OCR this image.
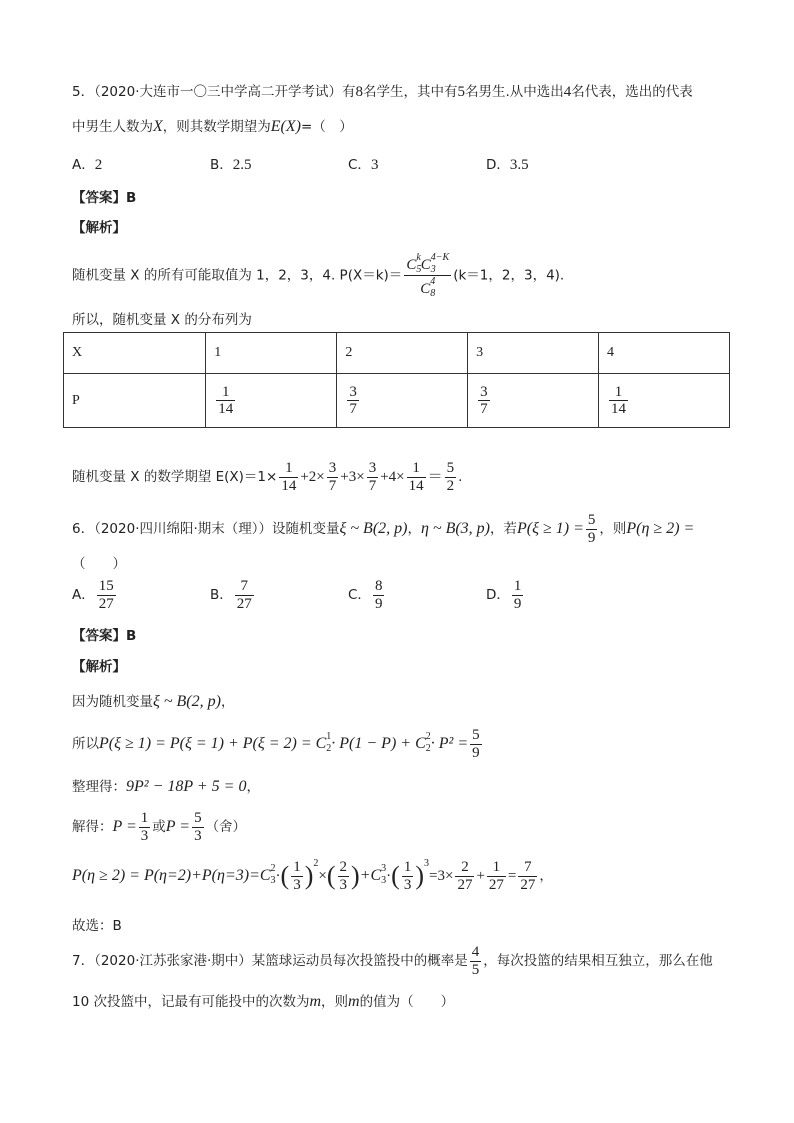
5．（2020·大连市一〇三中学高二开学考试）有8名学生，其中有5名男生.从中选出4名代表，选出的代表
中男生人数为X，则其数学期望为E(X)=（　）
A．2	B．2.5	C．3	D．3.5
【答案】B
【解析】
随机变量 X 的所有可能取值为 1，2，3，4. $P(X=k)= \frac{C_5^kC_3^{4-K}}{C_8^4} (k=1$，2，3，4).
所以，随机变量 X 的分布列为
X	1	2	3	4
P	$\frac{1}{14}$	$\frac{3}{7}$	$\frac{3}{7}$	$\frac{1}{14}$
随机变量 X 的数学期望 $E(X)=1\times \frac{1}{14} +2\times \frac{3}{7} +3\times \frac{3}{7} +4\times \frac{1}{14} = \frac{5}{2}$ .
6．（2020·四川绵阳·期末（理））设随机变量ξ ~ B(2, p)，η ~ B(3, p)，若$P(\xi \ge 1) = \frac{5}{9}$ ，则P(η ≥ 2) =
（　　）
A． $\frac{15}{27}$	B． $\frac{7}{27}$	C． $\frac{8}{9}$	D． $\frac{1}{9}$
【答案】B
【解析】
因为随机变量ξ ~ B(2, p)，
所以$P(\xi \ge 1) = P(\xi = 1) + P(\xi = 2) = C_2^1\cdot P(1 - P) + C_2^2\cdot P^2 = \frac{5}{9}$
整理得：9P² − 18P + 5 = 0，
解得：$P = \frac{1}{3}$ 或$P = \frac{5}{3}$ （舍）
$P(\eta \ge 2) = P(\eta=2)+P(\eta=3)=C_3^2\cdot( \frac{1}{3} )^2\times( \frac{2}{3} )+C_3^3\cdot( \frac{1}{3} )^3=3\times \frac{2}{27} + \frac{1}{27} = \frac{7}{27}$ ，
故选：B
7．（2020·江苏张家港·期中）某篮球运动员每次投篮投中的概率是 $\frac{4}{5}$ ，每次投篮的结果相互独立，那么在他
10 次投篮中，记最有可能投中的次数为m，则m的值为（　　）
